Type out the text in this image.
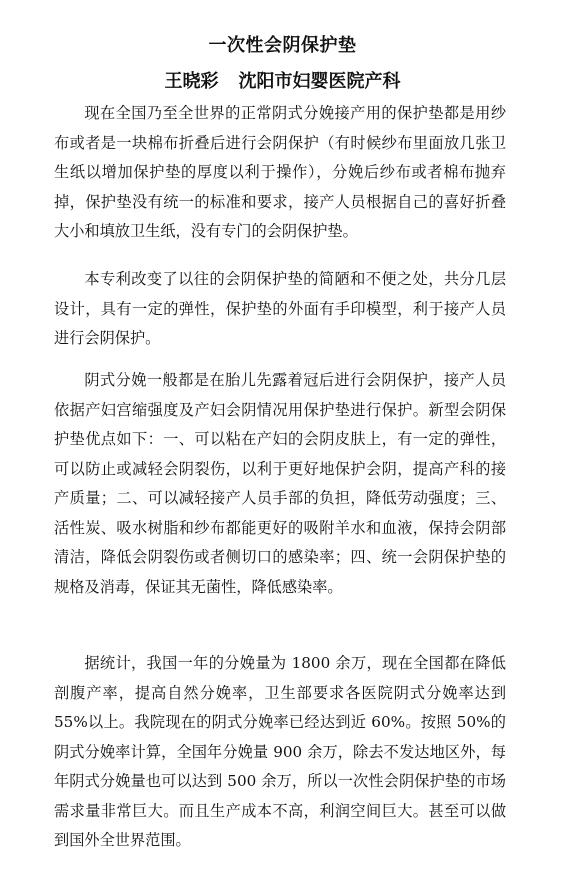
一次性会阴保护垫
王晓彩 沈阳市妇婴医院产科

现在全国乃至全世界的正常阴式分娩接产用的保护垫都是用纱布或者是一块棉布折叠后进行会阴保护（有时候纱布里面放几张卫生纸以增加保护垫的厚度以利于操作），分娩后纱布或者棉布抛弃掉，保护垫没有统一的标准和要求，接产人员根据自己的喜好折叠大小和填放卫生纸，没有专门的会阴保护垫。

本专利改变了以往的会阴保护垫的简陋和不便之处，共分几层设计，具有一定的弹性，保护垫的外面有手印模型，利于接产人员进行会阴保护。

阴式分娩一般都是在胎儿先露着冠后进行会阴保护，接产人员依据产妇宫缩强度及产妇会阴情况用保护垫进行保护。新型会阴保护垫优点如下：一、可以粘在产妇的会阴皮肤上，有一定的弹性，可以防止或减轻会阴裂伤，以利于更好地保护会阴，提高产科的接产质量；二、可以减轻接产人员手部的负担，降低劳动强度；三、活性炭、吸水树脂和纱布都能更好的吸附羊水和血液，保持会阴部清洁，降低会阴裂伤或者侧切口的感染率；四、统一会阴保护垫的规格及消毒，保证其无菌性，降低感染率。

据统计，我国一年的分娩量为 1800 余万，现在全国都在降低剖腹产率，提高自然分娩率，卫生部要求各医院阴式分娩率达到 55%以上。我院现在的阴式分娩率已经达到近 60%。按照 50%的阴式分娩率计算，全国年分娩量 900 余万，除去不发达地区外，每年阴式分娩量也可以达到 500 余万，所以一次性会阴保护垫的市场需求量非常巨大。而且生产成本不高，利润空间巨大。甚至可以做到国外全世界范围。
